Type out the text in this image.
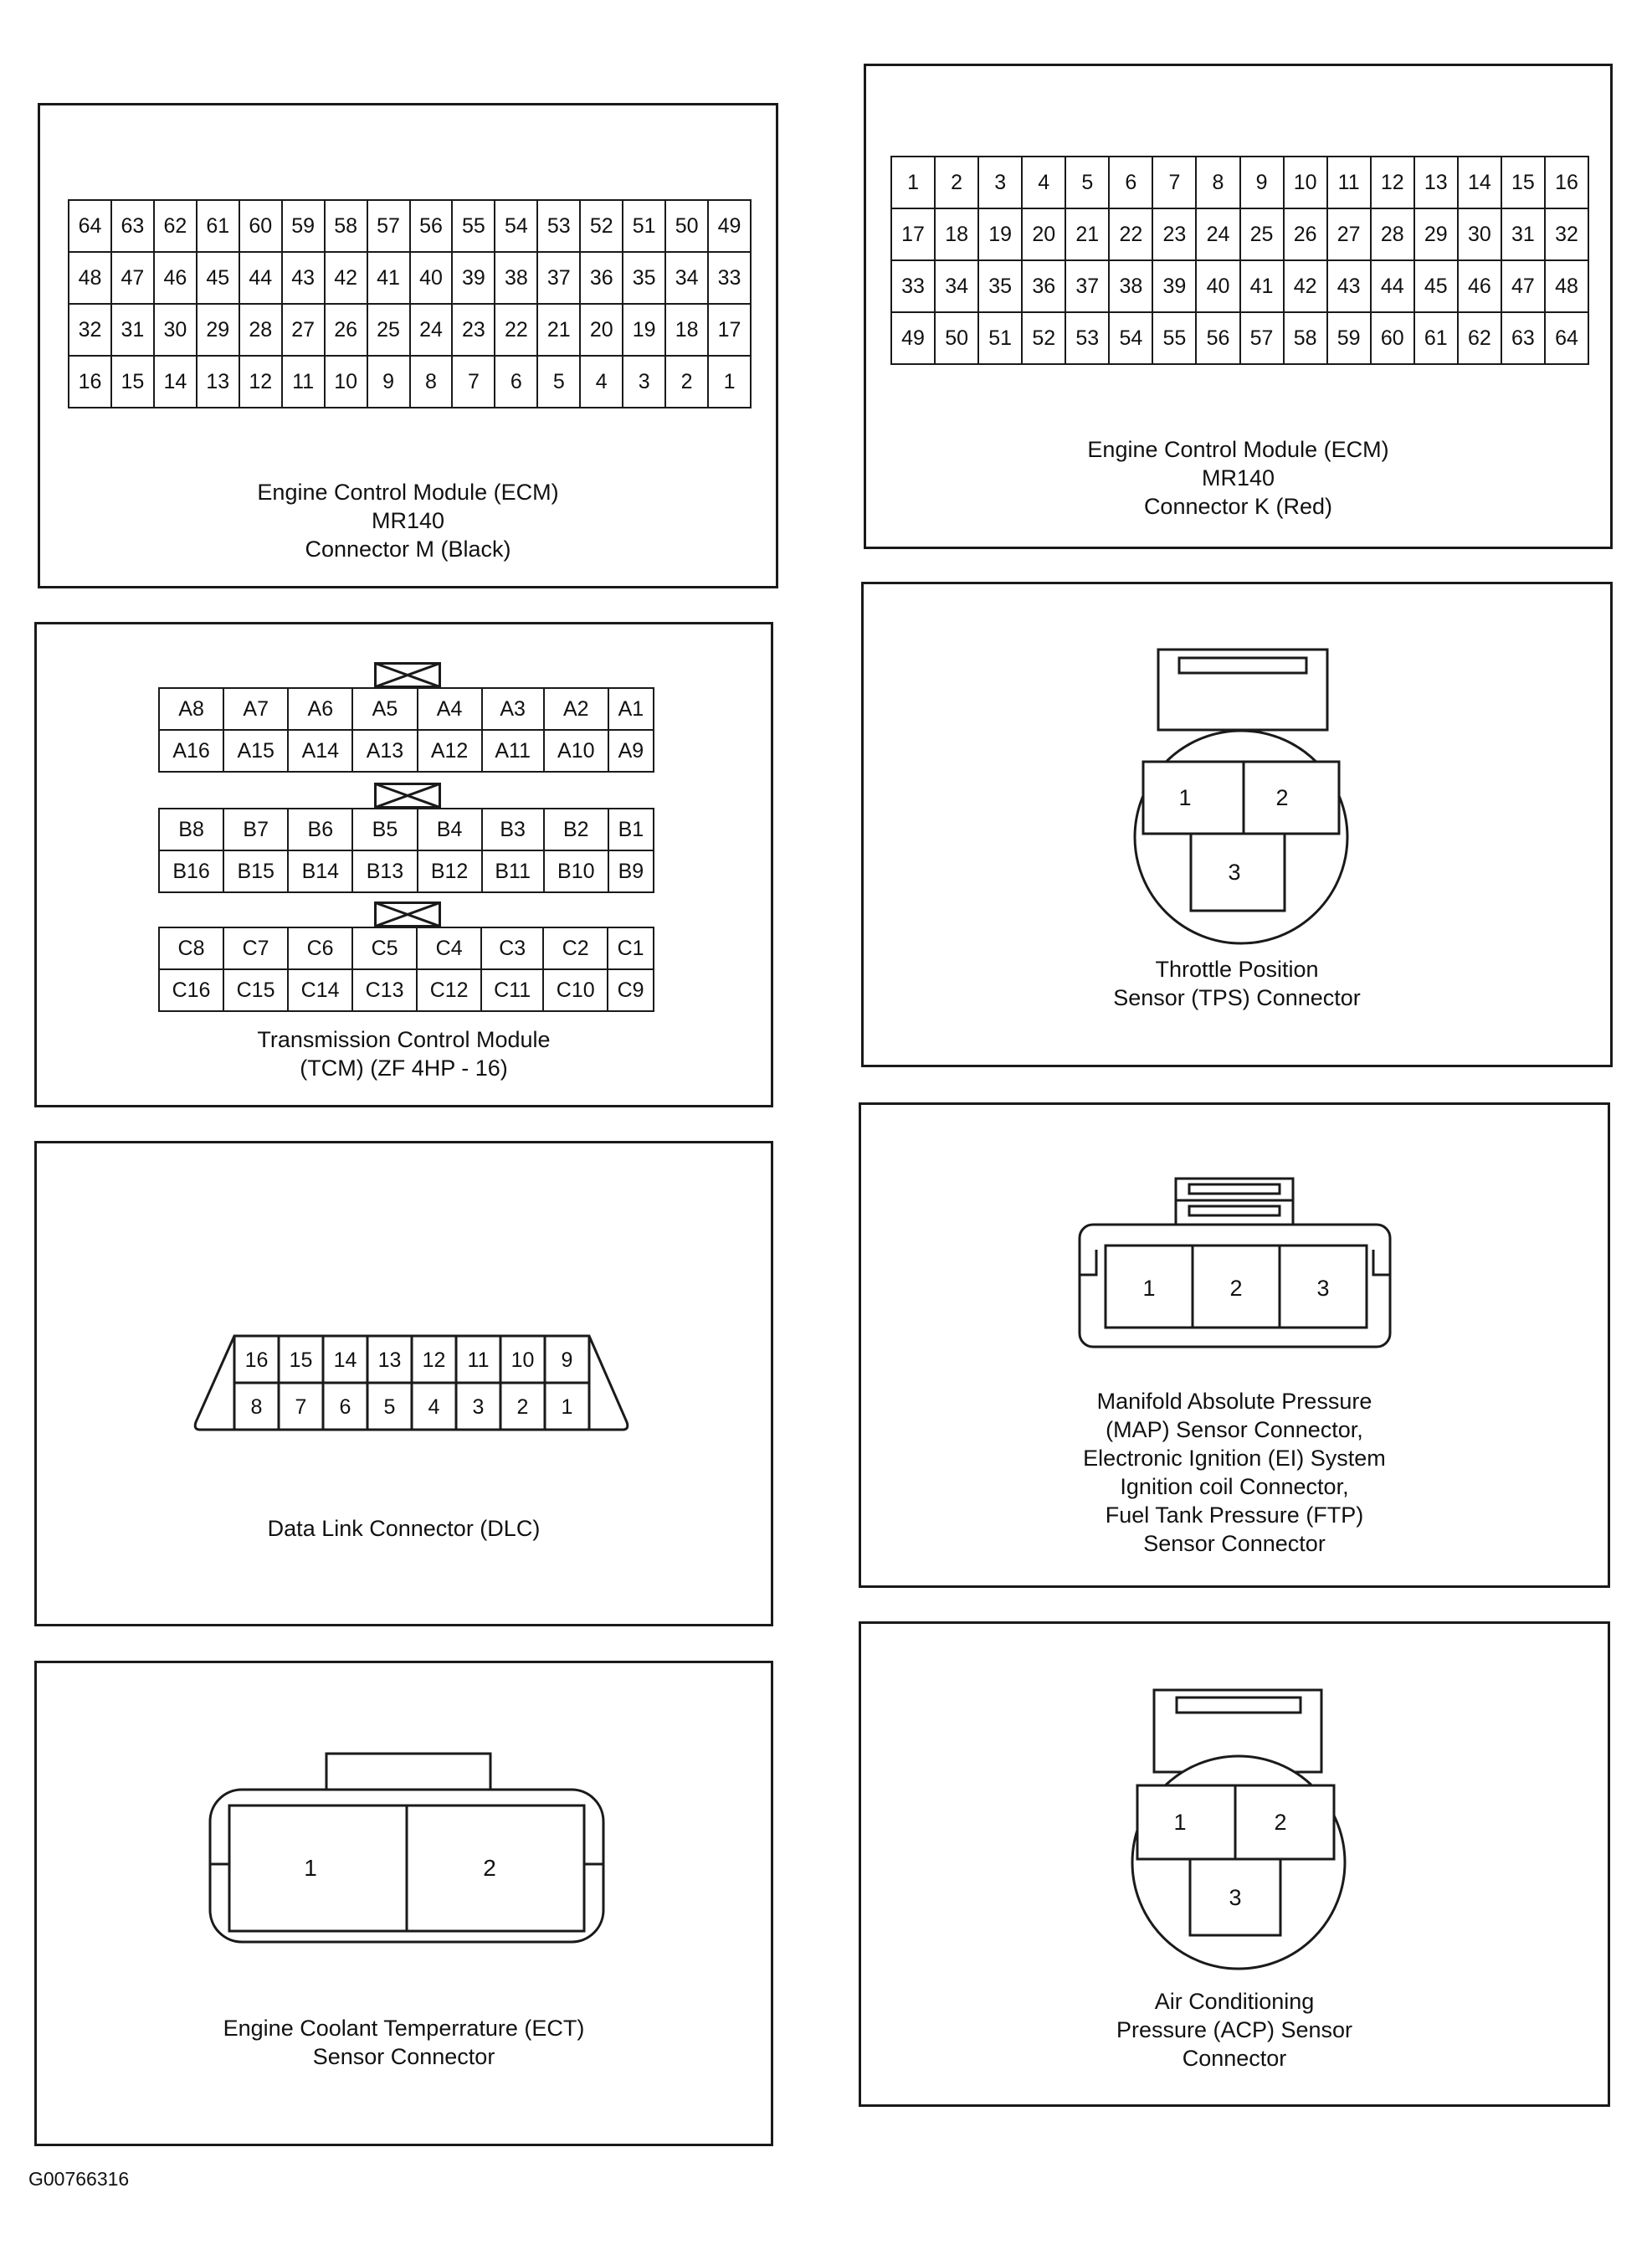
64	63	62	61	60	59	58	57	56	55	54	53	52	51	50	49
48	47	46	45	44	43	42	41	40	39	38	37	36	35	34	33
32	31	30	29	28	27	26	25	24	23	22	21	20	19	18	17
16	15	14	13	12	11	10	9	8	7	6	5	4	3	2	1
Engine Control Module (ECM)
MR140
Connector M (Black)
1	2	3	4	5	6	7	8	9	10	11	12	13	14	15	16
17	18	19	20	21	22	23	24	25	26	27	28	29	30	31	32
33	34	35	36	37	38	39	40	41	42	43	44	45	46	47	48
49	50	51	52	53	54	55	56	57	58	59	60	61	62	63	64
Engine Control Module (ECM)
MR140
Connector K (Red)
A8	A7	A6	A5	A4	A3	A2	A1
A16	A15	A14	A13	A12	A11	A10	A9
B8	B7	B6	B5	B4	B3	B2	B1
B16	B15	B14	B13	B12	B11	B10	B9
C8	C7	C6	C5	C4	C3	C2	C1
C16	C15	C14	C13	C12	C11	C10	C9
Transmission Control Module
(TCM) (ZF 4HP - 16)
1	2
3
Throttle Position
Sensor (TPS) Connector
16 15 14 13 12 11 10 9
8 7 6 5 4 3 2 1
Data Link Connector (DLC)
1	2	3
Manifold Absolute Pressure
(MAP) Sensor Connector,
Electronic Ignition (EI) System
Ignition coil Connector,
Fuel Tank Pressure (FTP)
Sensor Connector
1	2
Engine Coolant Temperrature (ECT)
Sensor Connector
1	2
3
Air Conditioning
Pressure (ACP) Sensor
Connector
G00766316
